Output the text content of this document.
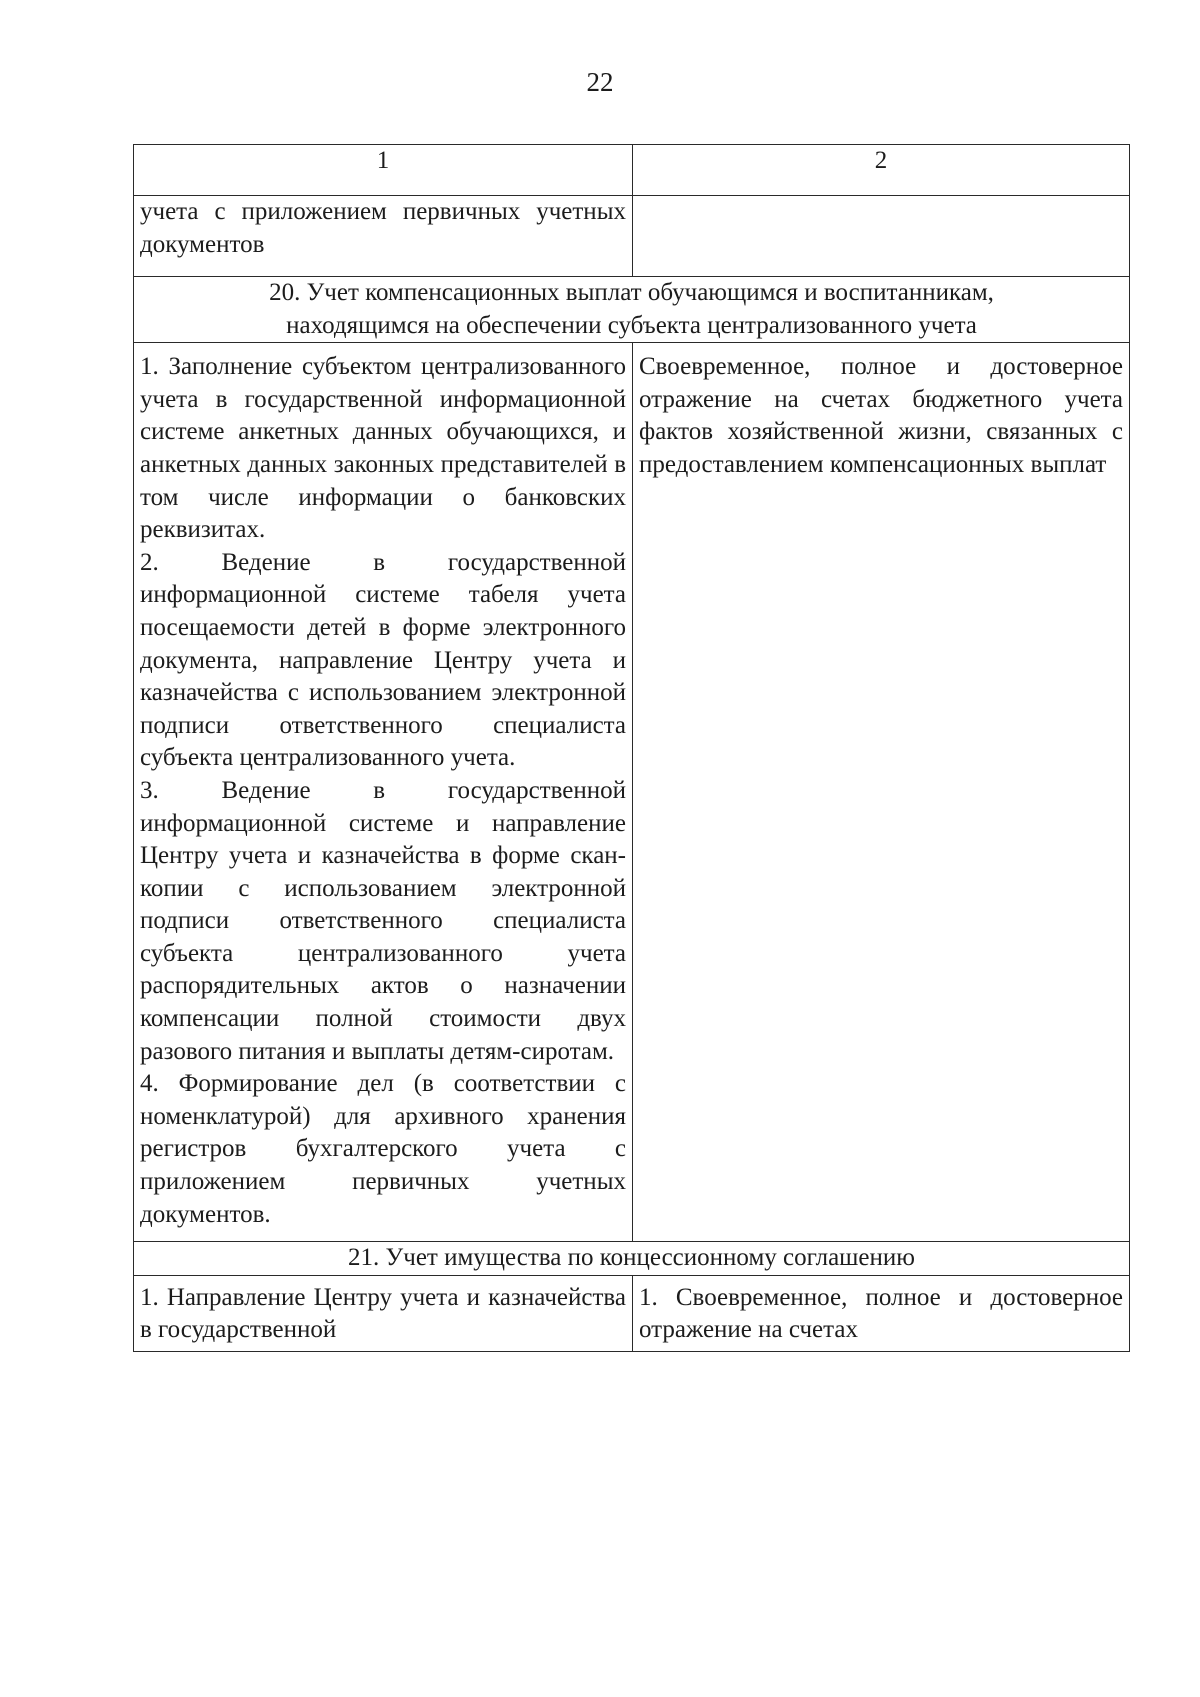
22
1	2
учета с приложением первичных учетных документов	

20. Учет компенсационных выплат обучающимся и воспитанникам,
находящимся на обеспечении субъекта централизованного учета	

1. Заполнение субъектом централизованного учета в государственной информационной системе анкетных данных обучающихся, и анкетных данных законных представителей в том числе информации о банковских реквизитах.
2. Ведение в государственной информационной системе табеля учета посещаемости детей в форме электронного документа, направление Центру учета и казначейства с использованием электронной подписи ответственного специалиста субъекта централизованного учета.
3. Ведение в государственной информационной системе и направление Центру учета и казначейства в форме скан-копии с использованием электронной подписи ответственного специалиста субъекта централизованного учета распорядительных актов о назначении компенсации полной стоимости двух разового питания и выплаты детям-сиротам.
4. Формирование дел (в соответствии с номенклатурой) для архивного хранения регистров бухгалтерского учета с приложением первичных учетных документов.	Своевременное, полное и достоверное отражение на счетах бюджетного учета фактов хозяйственной жизни, связанных с предоставлением компенсационных выплат
21. Учет имущества по концессионному соглашению	
1. Направление Центру учета и казначейства в государственной	1. Своевременное, полное и достоверное отражение на счетах
